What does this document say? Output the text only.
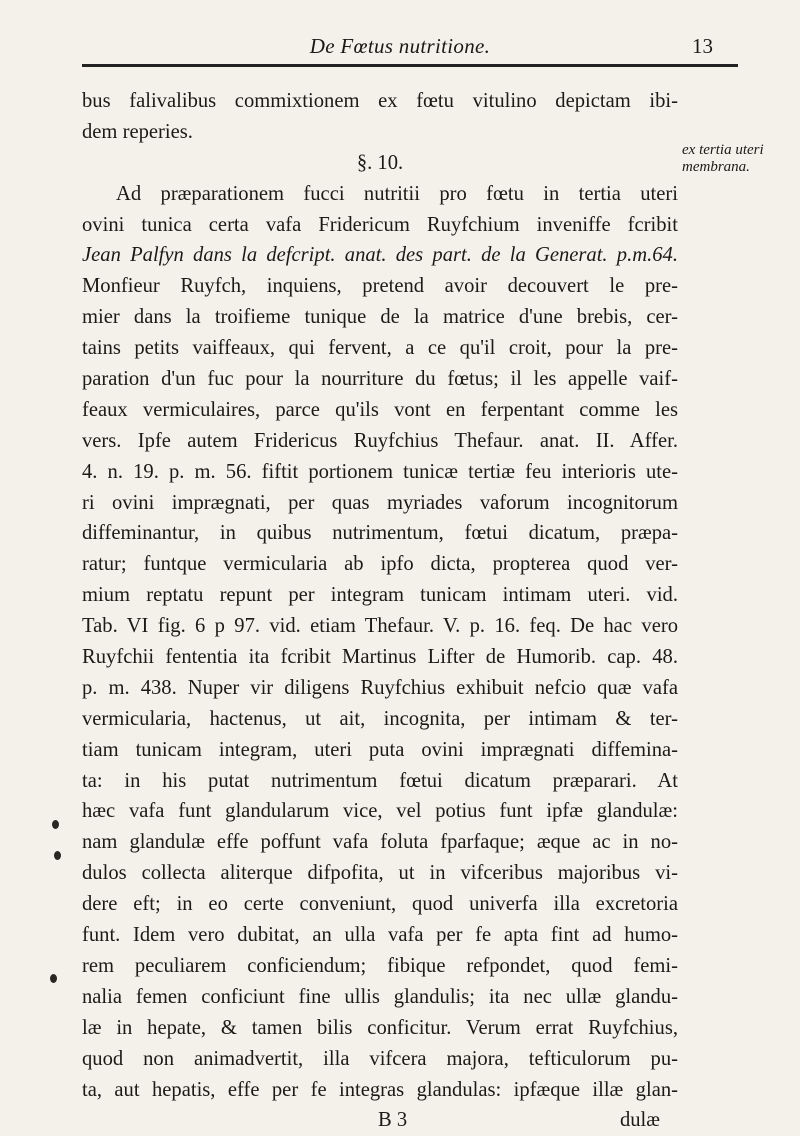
De Fœtus nutritione.	13
ex tertia uteri membrana.
bus falivalibus commixtionem ex fœtu vitulino depictam ibi-
dem reperies.
§. 10.
Ad præparationem fucci nutritii pro fœtu in tertia uteri
ovini tunica certa vafa Fridericum Ruyfchium inveniffe fcribit
Jean Palfyn dans la defcript. anat. des part. de la Generat. p.m.64.
Monfieur Ruyfch, inquiens, pretend avoir decouvert le pre-
mier dans la troifieme tunique de la matrice d'une brebis, cer-
tains petits vaiffeaux, qui fervent, a ce qu'il croit, pour la pre-
paration d'un fuc pour la nourriture du fœtus; il les appelle vaif-
feaux vermiculaires, parce qu'ils vont en ferpentant comme les
vers. Ipfe autem Fridericus Ruyfchius Thefaur. anat. II. Affer.
4. n. 19. p. m. 56. fiftit portionem tunicæ tertiæ feu interioris ute-
ri ovini imprægnati, per quas myriades vaforum incognitorum
diffeminantur, in quibus nutrimentum, fœtui dicatum, præpa-
ratur; funtque vermicularia ab ipfo dicta, propterea quod ver-
mium reptatu repunt per integram tunicam intimam uteri. vid.
Tab. VI fig. 6 p 97. vid. etiam Thefaur. V. p. 16. feq. De hac vero
Ruyfchii fententia ita fcribit Martinus Lifter de Humorib. cap. 48.
p. m. 438. Nuper vir diligens Ruyfchius exhibuit nefcio quæ vafa
vermicularia, hactenus, ut ait, incognita, per intimam & ter-
tiam tunicam integram, uteri puta ovini imprægnati diffemina-
ta: in his putat nutrimentum fœtui dicatum præparari. At
hæc vafa funt glandularum vice, vel potius funt ipfæ glandulæ:
nam glandulæ effe poffunt vafa foluta fparfaque; æque ac in no-
dulos collecta aliterque difpofita, ut in vifceribus majoribus vi-
dere eft; in eo certe conveniunt, quod univerfa illa excretoria
funt. Idem vero dubitat, an ulla vafa per fe apta fint ad humo-
rem peculiarem conficiendum; fibique refpondet, quod femi-
nalia femen conficiunt fine ullis glandulis; ita nec ullæ glandu-
læ in hepate, & tamen bilis conficitur. Verum errat Ruyfchius,
quod non animadvertit, illa vifcera majora, tefticulorum pu-
ta, aut hepatis, effe per fe integras glandulas: ipfæque illæ glan-
B 3	dulæ
